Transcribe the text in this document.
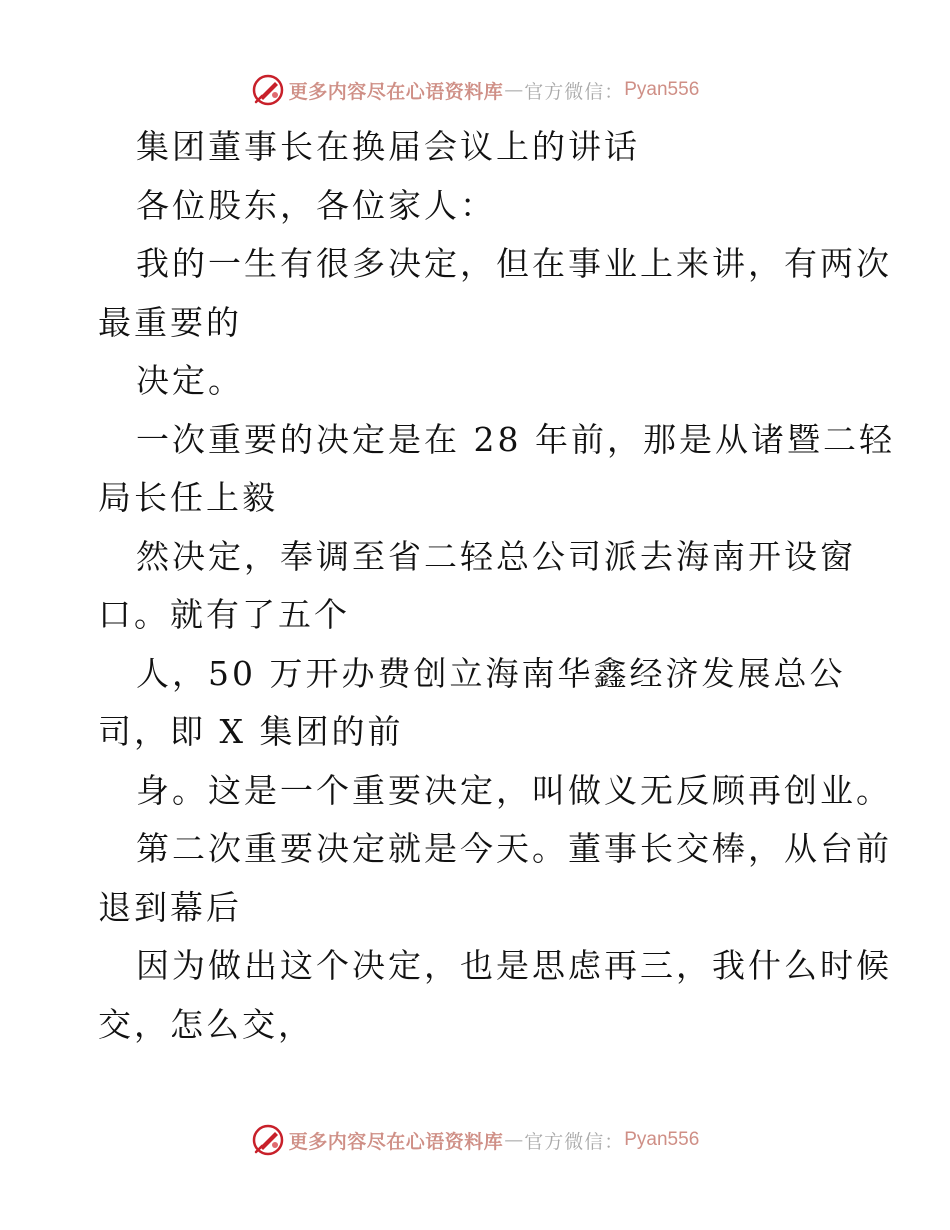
更多内容尽在心语资料库 — 官方微信： Pyan556
集团董事长在换届会议上的讲话
各位股东，各位家人：
我的一生有很多决定，但在事业上来讲，有两次
最重要的
决定。
一次重要的决定是在 28 年前，那是从诸暨二轻
局长任上毅
然决定，奉调至省二轻总公司派去海南开设窗
口。就有了五个
人，50 万开办费创立海南华鑫经济发展总公
司，即 X 集团的前
身。这是一个重要决定，叫做义无反顾再创业。
第二次重要决定就是今天。董事长交棒，从台前
退到幕后
因为做出这个决定，也是思虑再三，我什么时候
交，怎么交，
更多内容尽在心语资料库 — 官方微信： Pyan556
